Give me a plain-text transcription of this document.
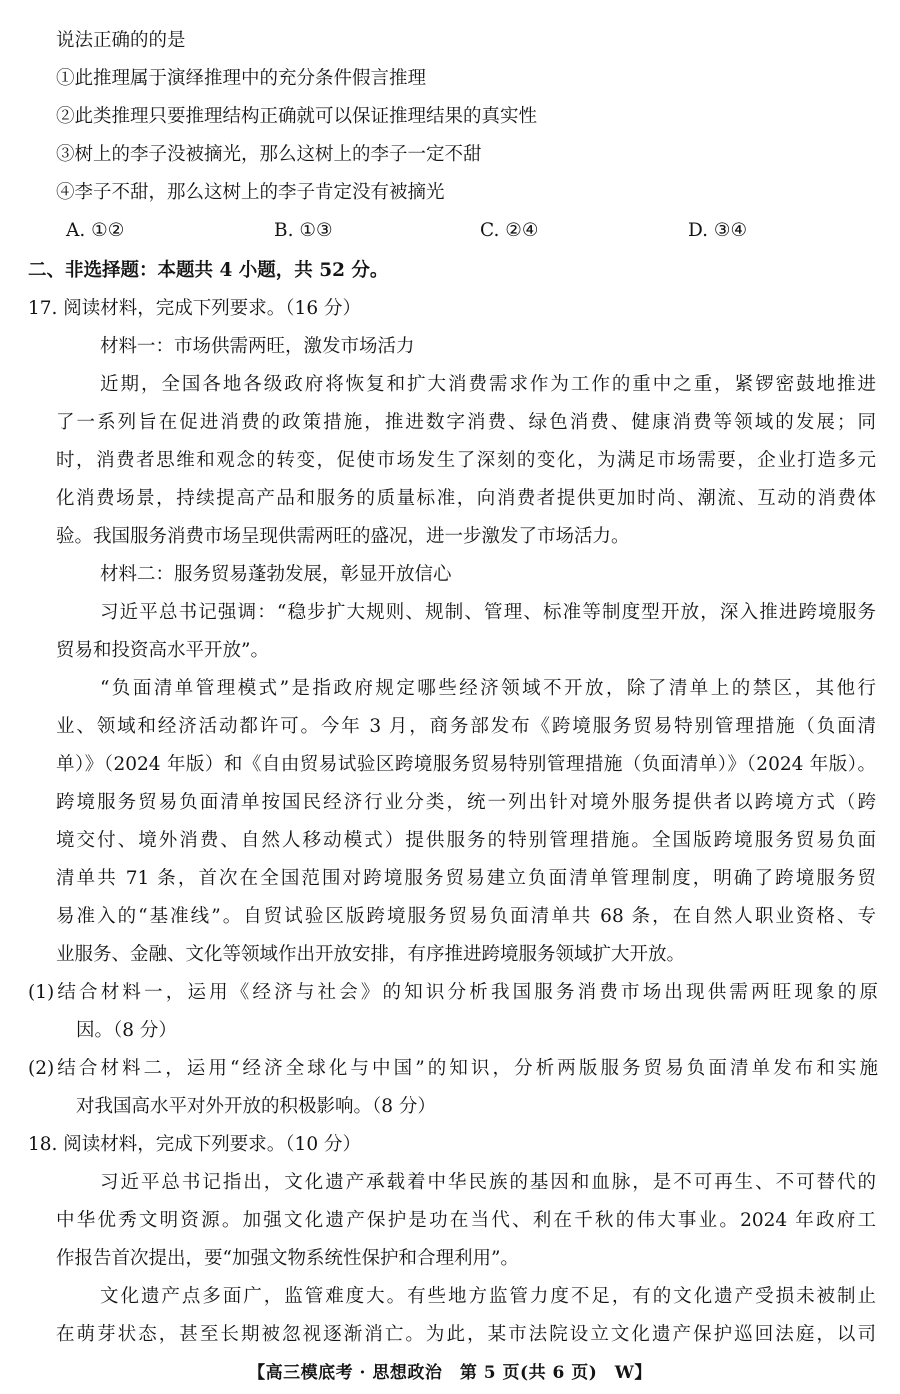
说法正确的的是
①此推理属于演绎推理中的充分条件假言推理
②此类推理只要推理结构正确就可以保证推理结果的真实性
③树上的李子没被摘光，那么这树上的李子一定不甜
④李子不甜，那么这树上的李子肯定没有被摘光
A. ①②	B. ①③	C. ②④	D. ③④
二、非选择题：本题共 4 小题，共 52 分。
17. 阅读材料，完成下列要求。（16 分）
材料一：市场供需两旺，激发市场活力
近期，全国各地各级政府将恢复和扩大消费需求作为工作的重中之重，紧锣密鼓地推进
了一系列旨在促进消费的政策措施，推进数字消费、绿色消费、健康消费等领域的发展；同
时，消费者思维和观念的转变，促使市场发生了深刻的变化，为满足市场需要，企业打造多元
化消费场景，持续提高产品和服务的质量标准，向消费者提供更加时尚、潮流、互动的消费体
验。我国服务消费市场呈现供需两旺的盛况，进一步激发了市场活力。
材料二：服务贸易蓬勃发展，彰显开放信心
习近平总书记强调：“稳步扩大规则、规制、管理、标准等制度型开放，深入推进跨境服务
贸易和投资高水平开放”。
“负面清单管理模式”是指政府规定哪些经济领域不开放，除了清单上的禁区，其他行
业、领域和经济活动都许可。今年 3 月，商务部发布《跨境服务贸易特别管理措施（负面清
单）》（2024 年版）和《自由贸易试验区跨境服务贸易特别管理措施（负面清单）》（2024 年版）。
跨境服务贸易负面清单按国民经济行业分类，统一列出针对境外服务提供者以跨境方式（跨
境交付、境外消费、自然人移动模式）提供服务的特别管理措施。全国版跨境服务贸易负面
清单共 71 条，首次在全国范围对跨境服务贸易建立负面清单管理制度，明确了跨境服务贸
易准入的“基准线”。自贸试验区版跨境服务贸易负面清单共 68 条，在自然人职业资格、专
业服务、金融、文化等领域作出开放安排，有序推进跨境服务领域扩大开放。
(1)结合材料一，运用《经济与社会》的知识分析我国服务消费市场出现供需两旺现象的原
因。（8 分）
(2)结合材料二，运用“经济全球化与中国”的知识，分析两版服务贸易负面清单发布和实施
对我国高水平对外开放的积极影响。（8 分）
18. 阅读材料，完成下列要求。（10 分）
习近平总书记指出，文化遗产承载着中华民族的基因和血脉，是不可再生、不可替代的
中华优秀文明资源。加强文化遗产保护是功在当代、利在千秋的伟大事业。2024 年政府工
作报告首次提出，要“加强文物系统性保护和合理利用”。
文化遗产点多面广，监管难度大。有些地方监管力度不足，有的文化遗产受损未被制止
在萌芽状态，甚至长期被忽视逐渐消亡。为此，某市法院设立文化遗产保护巡回法庭，以司
【高三模底考 · 思想政治　第 5 页(共 6 页)　W】
